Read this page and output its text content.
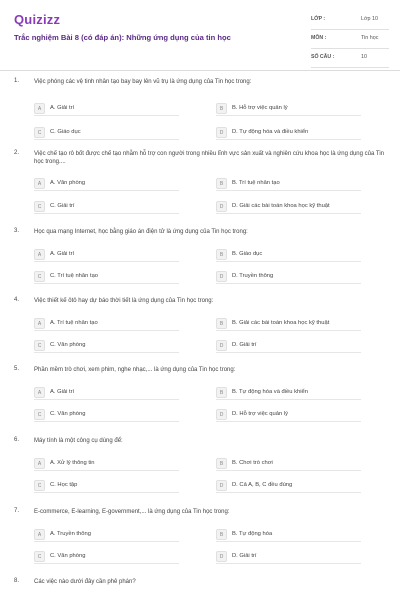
Quizizz
Trắc nghiệm Bài 8 (có đáp án): Những ứng dụng của tin học
LỚP :	Lớp 10
MÔN :	Tin học
SỐ CÂU :	10
1. Việc phóng các vệ tinh nhân tạo bay bay lên vũ trụ là ứng dụng của Tin học trong:
A	A. Giải trí	B	B. Hỗ trợ việc quản lý
C	C. Giáo dục	D	D. Tự động hóa và điều khiển
2. Việc chế tạo rô bốt được chế tạo nhằm hỗ trợ con người trong nhiều lĩnh vực sản xuất và nghiên cứu khoa học là ứng dụng của Tin học trong....
A	A. Văn phòng	B	B. Trí tuệ nhân tạo
C	C. Giải trí	D	D. Giải các bài toán khoa học kỹ thuật
3. Học qua mạng Internet, học bằng giáo án điện tử là ứng dụng của Tin học trong:
A	A. Giải trí	B	B. Giáo dục
C	C. Trí tuệ nhân tạo	D	D. Truyền thông
4. Việc thiết kế ôtô hay dự báo thời tiết là ứng dụng của Tin học trong:
A	A. Trí tuệ nhân tạo	B	B. Giải các bài toán khoa học kỹ thuật
C	C. Văn phòng	D	D. Giải trí
5. Phần mềm trò chơi, xem phim, nghe nhạc,... là ứng dụng của Tin học trong:
A	A. Giải trí	B	B. Tự động hóa và điều khiển
C	C. Văn phòng	D	D. Hỗ trợ việc quản lý
6. Máy tính là một công cụ dùng để:
A	A. Xử lý thông tin	B	B. Chơi trò chơi
C	C. Học tập	D	D. Cả A, B, C đều đúng
7. E-commerce, E-learning, E-government,... là ứng dụng của Tin học trong:
A	A. Truyền thông	B	B. Tự động hóa
C	C. Văn phòng	D	D. Giải trí
8. Các việc nào dưới đây cần phê phán?
